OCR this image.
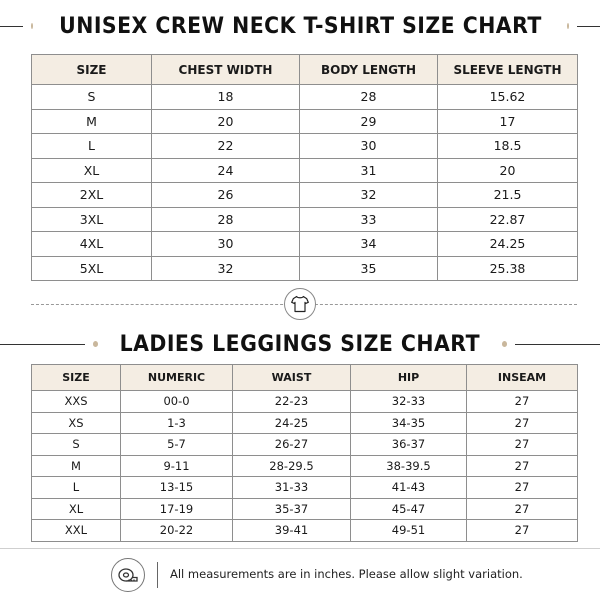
UNISEX CREW NECK T-SHIRT SIZE CHART
SIZE	CHEST WIDTH	BODY LENGTH	SLEEVE LENGTH
S	18	28	15.62
M	20	29	17
L	22	30	18.5
XL	24	31	20
2XL	26	32	21.5
3XL	28	33	22.87
4XL	30	34	24.25
5XL	32	35	25.38
LADIES LEGGINGS SIZE CHART
SIZE	NUMERIC	WAIST	HIP	INSEAM
XXS	00-0	22-23	32-33	27
XS	1-3	24-25	34-35	27
S	5-7	26-27	36-37	27
M	9-11	28-29.5	38-39.5	27
L	13-15	31-33	41-43	27
XL	17-19	35-37	45-47	27
XXL	20-22	39-41	49-51	27
All measurements are in inches. Please allow slight variation.
